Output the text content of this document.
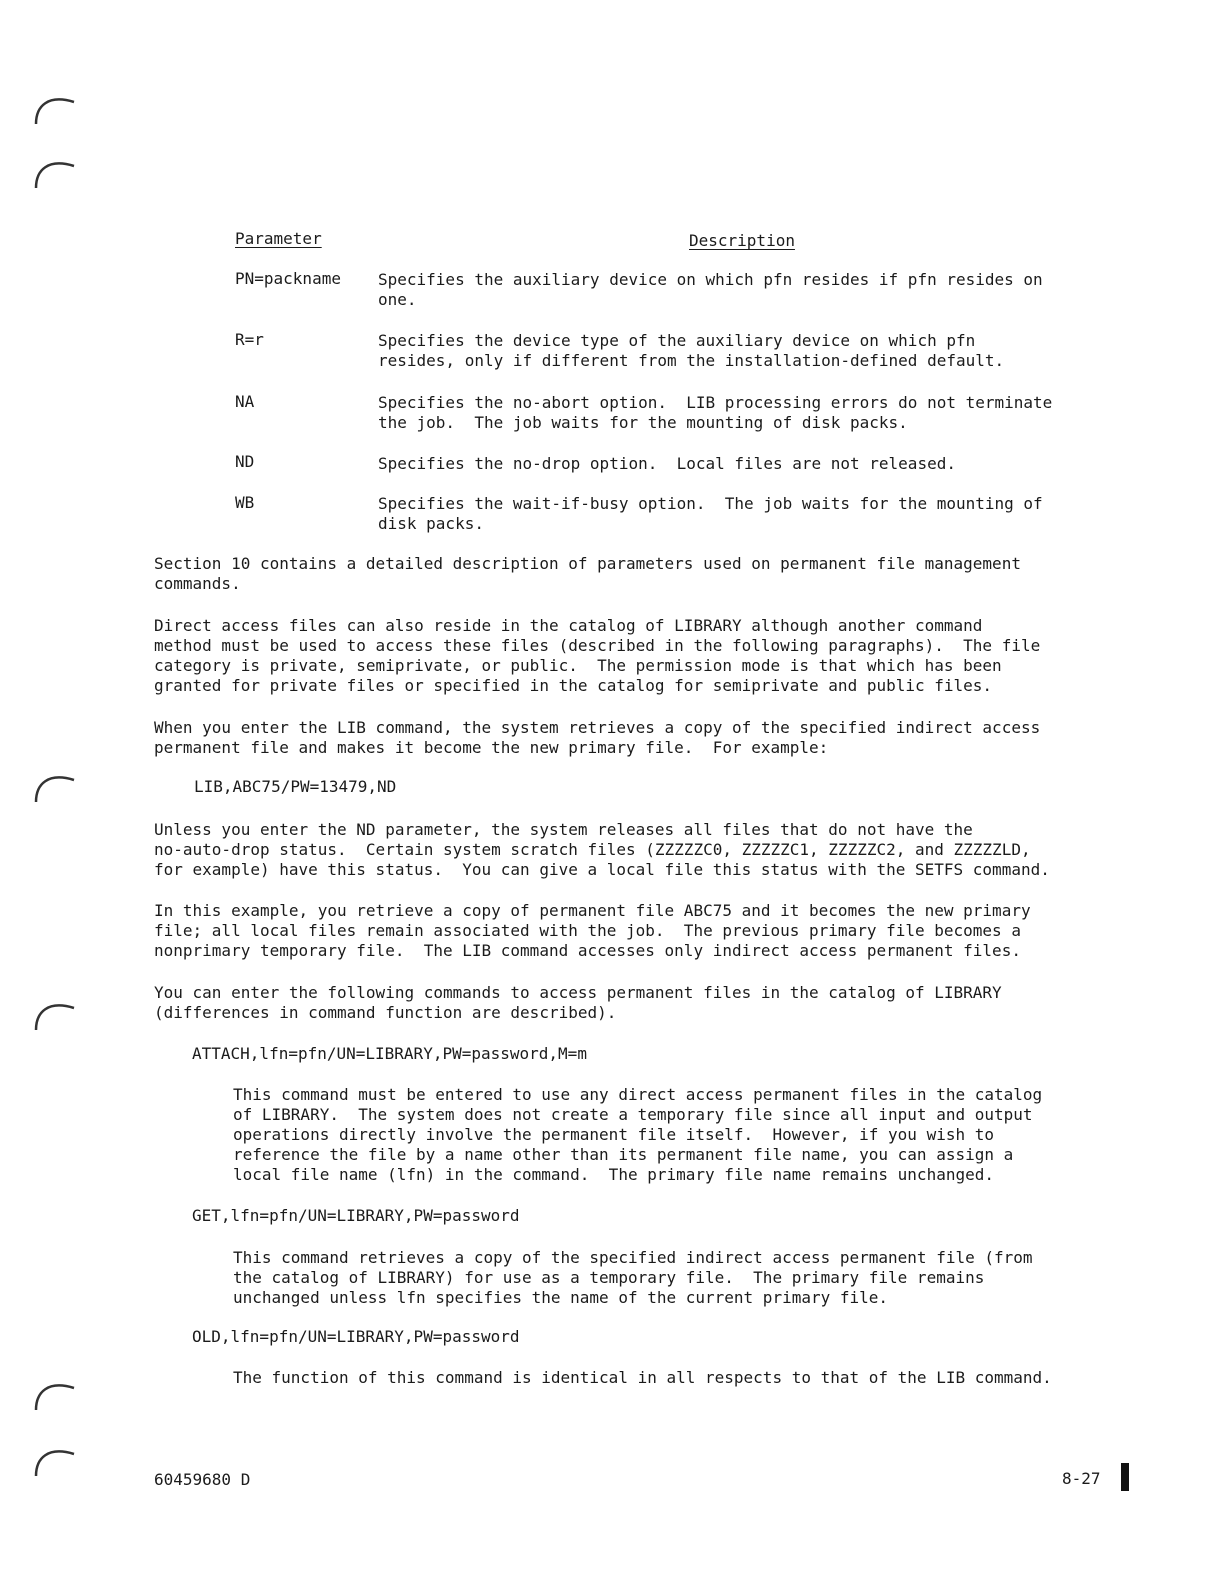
Parameter	Description
PN=packname	Specifies the auxiliary device on which pfn resides if pfn resides on
one.
R=r	Specifies the device type of the auxiliary device on which pfn
resides, only if different from the installation-defined default.
NA	Specifies the no-abort option.  LIB processing errors do not terminate
the job.  The job waits for the mounting of disk packs.
ND	Specifies the no-drop option.  Local files are not released.
WB	Specifies the wait-if-busy option.  The job waits for the mounting of
disk packs.
Section 10 contains a detailed description of parameters used on permanent file management
commands.
Direct access files can also reside in the catalog of LIBRARY although another command
method must be used to access these files (described in the following paragraphs).  The file
category is private, semiprivate, or public.  The permission mode is that which has been
granted for private files or specified in the catalog for semiprivate and public files.
When you enter the LIB command, the system retrieves a copy of the specified indirect access
permanent file and makes it become the new primary file.  For example:
LIB,ABC75/PW=13479,ND
Unless you enter the ND parameter, the system releases all files that do not have the
no-auto-drop status.  Certain system scratch files (ZZZZZC0, ZZZZZC1, ZZZZZC2, and ZZZZZLD,
for example) have this status.  You can give a local file this status with the SETFS command.
In this example, you retrieve a copy of permanent file ABC75 and it becomes the new primary
file; all local files remain associated with the job.  The previous primary file becomes a
nonprimary temporary file.  The LIB command accesses only indirect access permanent files.
You can enter the following commands to access permanent files in the catalog of LIBRARY
(differences in command function are described).
ATTACH,lfn=pfn/UN=LIBRARY,PW=password,M=m
This command must be entered to use any direct access permanent files in the catalog
of LIBRARY.  The system does not create a temporary file since all input and output
operations directly involve the permanent file itself.  However, if you wish to
reference the file by a name other than its permanent file name, you can assign a
local file name (lfn) in the command.  The primary file name remains unchanged.
GET,lfn=pfn/UN=LIBRARY,PW=password
This command retrieves a copy of the specified indirect access permanent file (from
the catalog of LIBRARY) for use as a temporary file.  The primary file remains
unchanged unless lfn specifies the name of the current primary file.
OLD,lfn=pfn/UN=LIBRARY,PW=password
The function of this command is identical in all respects to that of the LIB command.
60459680 D	8-27
